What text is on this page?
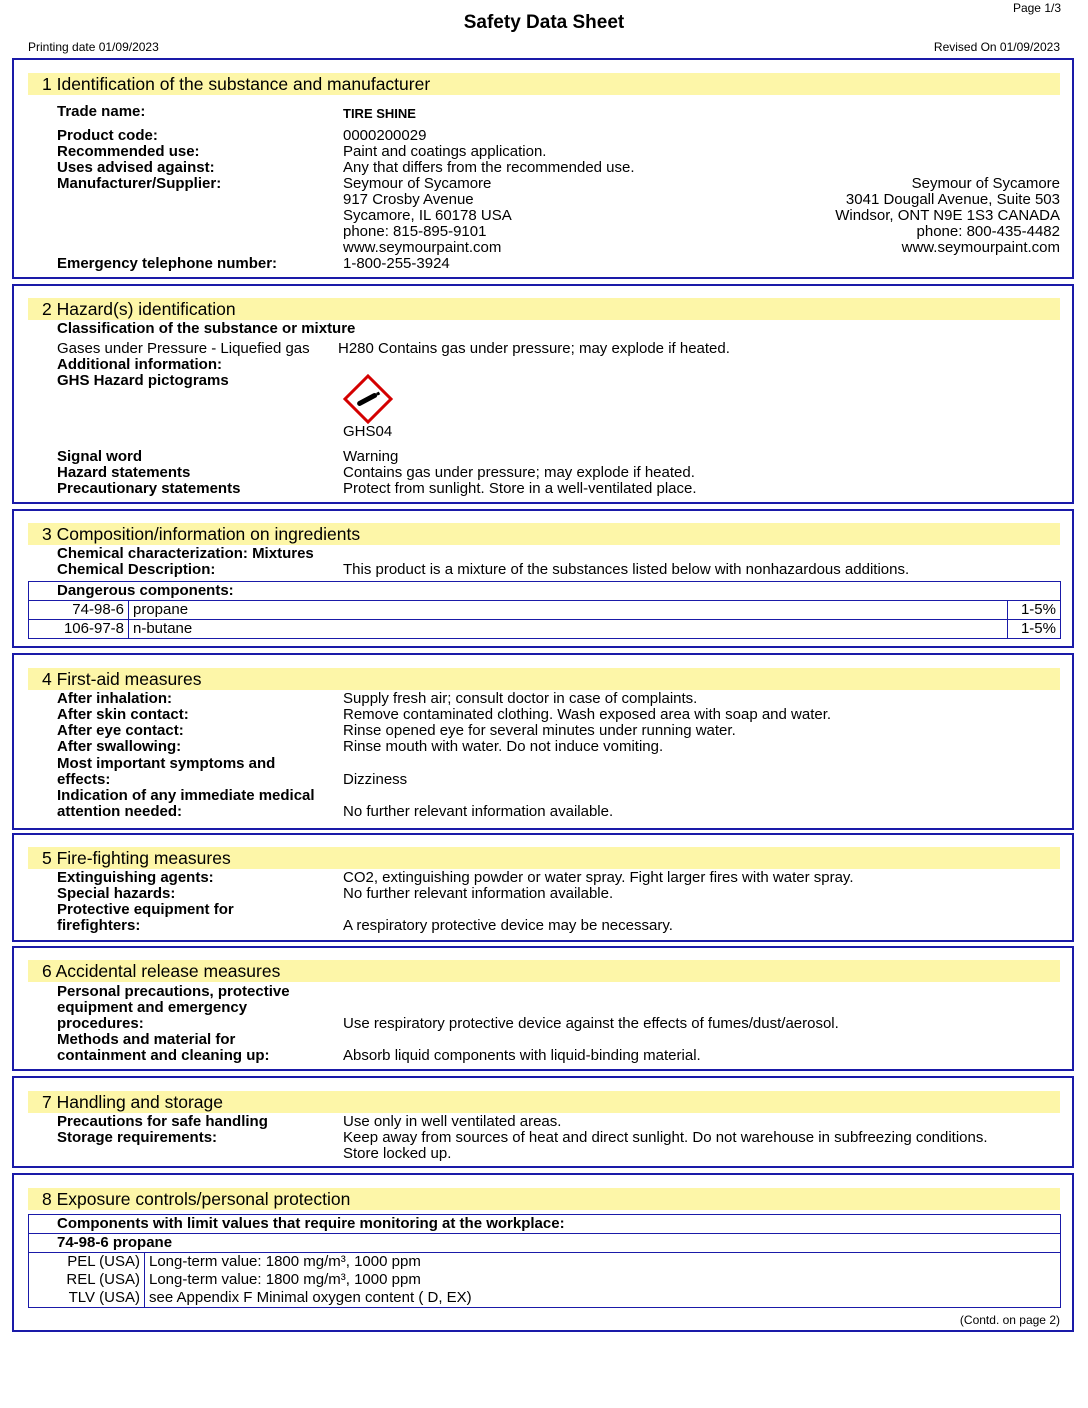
Page 1/3
Safety Data Sheet
Printing date 01/09/2023	Revised On 01/09/2023
1 Identification of the substance and manufacturer
Trade name:	TIRE SHINE
Product code:	0000200029
Recommended use:	Paint and coatings application.
Uses advised against:	Any that differs from the recommended use.
Manufacturer/Supplier:	Seymour of Sycamore
917 Crosby Avenue
Sycamore, IL 60178 USA
phone: 815-895-9101
www.seymourpaint.com
Seymour of Sycamore
3041 Dougall Avenue, Suite 503
Windsor, ONT N9E 1S3 CANADA
phone: 800-435-4482
www.seymourpaint.com
Emergency telephone number:	1-800-255-3924
2 Hazard(s) identification
Classification of the substance or mixture
Gases under Pressure - Liquefied gas H280 Contains gas under pressure; may explode if heated.
Additional information:
GHS Hazard pictograms
GHS04
Signal word	Warning
Hazard statements	Contains gas under pressure; may explode if heated.
Precautionary statements	Protect from sunlight. Store in a well-ventilated place.
3 Composition/information on ingredients
Chemical characterization: Mixtures
Chemical Description:	This product is a mixture of the substances listed below with nonhazardous additions.
Dangerous components:		
74-98-6	propane	1-5%
106-97-8	n-butane	1-5%
4 First-aid measures
After inhalation:	Supply fresh air; consult doctor in case of complaints.
After skin contact:	Remove contaminated clothing. Wash exposed area with soap and water.
After eye contact:	Rinse opened eye for several minutes under running water.
After swallowing:	Rinse mouth with water. Do not induce vomiting.
Most important symptoms and
effects:	Dizziness
Indication of any immediate medical
attention needed:	No further relevant information available.
5 Fire-fighting measures
Extinguishing agents:	CO2, extinguishing powder or water spray. Fight larger fires with water spray.
Special hazards:	No further relevant information available.
Protective equipment for
firefighters:	A respiratory protective device may be necessary.
6 Accidental release measures
Personal precautions, protective
equipment and emergency
procedures:	Use respiratory protective device against the effects of fumes/dust/aerosol.
Methods and material for
containment and cleaning up:	Absorb liquid components with liquid-binding material.
7 Handling and storage
Precautions for safe handling	Use only in well ventilated areas.
Storage requirements:	Keep away from sources of heat and direct sunlight. Do not warehouse in subfreezing conditions.
Store locked up.
8 Exposure controls/personal protection
Components with limit values that require monitoring at the workplace:	
74-98-6 propane	
PEL (USA)	Long-term value: 1800 mg/m³, 1000 ppm
REL (USA)	Long-term value: 1800 mg/m³, 1000 ppm
TLV (USA)	see Appendix F Minimal oxygen content ( D, EX)
(Contd. on page 2)
